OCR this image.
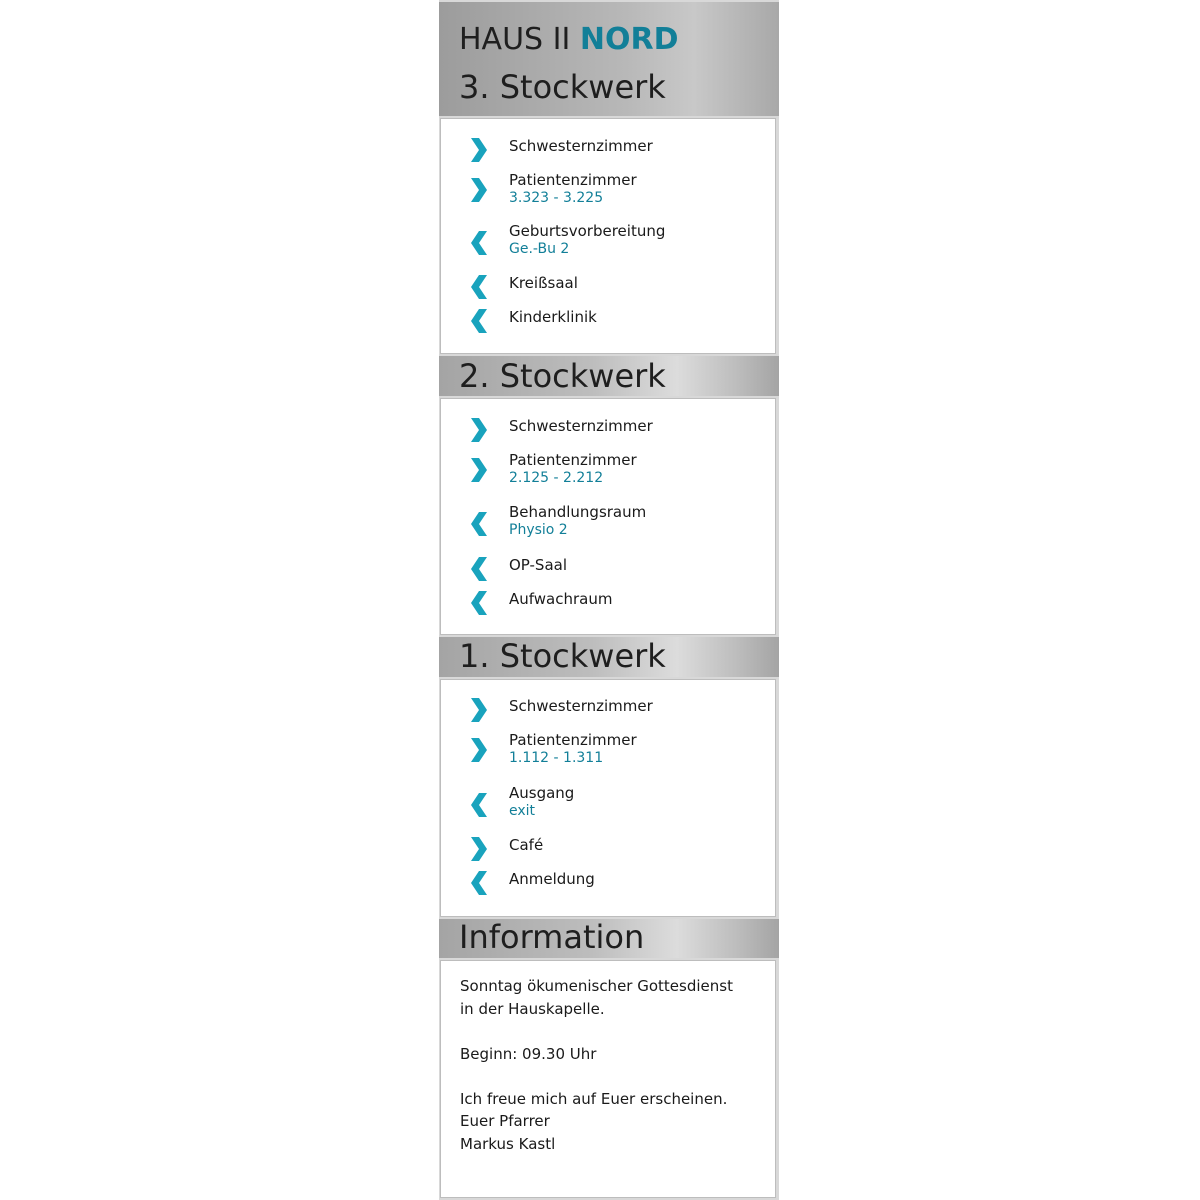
HAUS II NORD
3. Stockwerk
Schwesternzimmer
Patientenzimmer
3.323 - 3.225
Geburtsvorbereitung
Ge.-Bu 2
Kreißsaal
Kinderklinik
2. Stockwerk
Schwesternzimmer
Patientenzimmer
2.125 - 2.212
Behandlungsraum
Physio 2
OP-Saal
Aufwachraum
1. Stockwerk
Schwesternzimmer
Patientenzimmer
1.112 - 1.311
Ausgang
exit
Café
Anmeldung
Information
Sonntag ökumenischer Gottesdienst
in der Hauskapelle.
Beginn: 09.30 Uhr
Ich freue mich auf Euer erscheinen.
Euer Pfarrer
Markus Kastl
